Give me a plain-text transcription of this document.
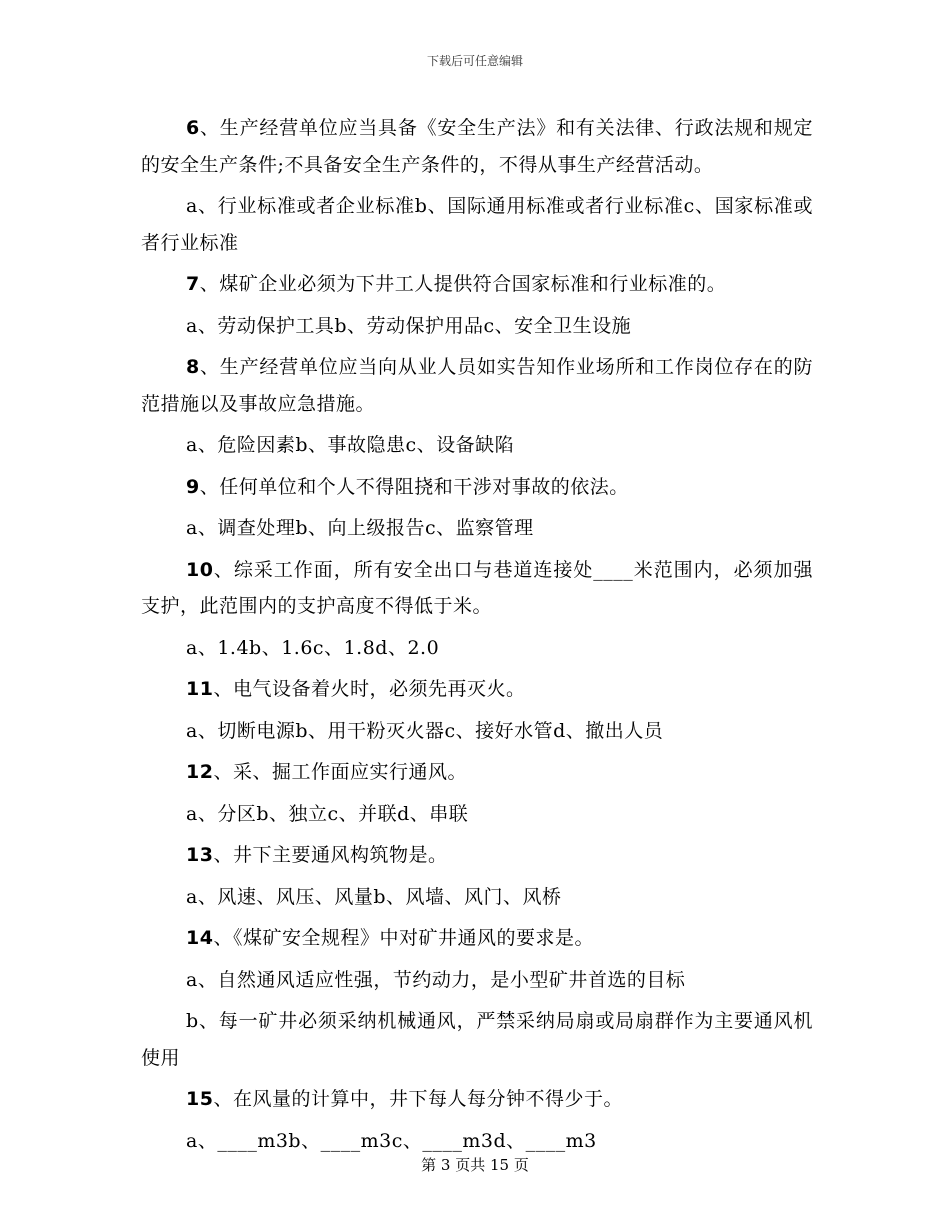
下载后可任意编辑

6、生产经营单位应当具备《安全生产法》和有关法律、行政法规和规定的安全生产条件;不具备安全生产条件的，不得从事生产经营活动。

a、行业标准或者企业标准b、国际通用标准或者行业标准c、国家标准或者行业标准

7、煤矿企业必须为下井工人提供符合国家标准和行业标准的。

a、劳动保护工具b、劳动保护用品c、安全卫生设施

8、生产经营单位应当向从业人员如实告知作业场所和工作岗位存在的防范措施以及事故应急措施。

a、危险因素b、事故隐患c、设备缺陷

9、任何单位和个人不得阻挠和干涉对事故的依法。

a、调查处理b、向上级报告c、监察管理

10、综采工作面，所有安全出口与巷道连接处____米范围内，必须加强支护，此范围内的支护高度不得低于米。

a、1.4b、1.6c、1.8d、2.0

11、电气设备着火时，必须先再灭火。

a、切断电源b、用干粉灭火器c、接好水管d、撤出人员

12、采、掘工作面应实行通风。

a、分区b、独立c、并联d、串联

13、井下主要通风构筑物是。

a、风速、风压、风量b、风墙、风门、风桥

14、《煤矿安全规程》中对矿井通风的要求是。

a、自然通风适应性强，节约动力，是小型矿井首选的目标

b、每一矿井必须采纳机械通风，严禁采纳局扇或局扇群作为主要通风机使用

15、在风量的计算中，井下每人每分钟不得少于。

a、____m3b、____m3c、____m3d、____m3

第 3 页共 15 页
